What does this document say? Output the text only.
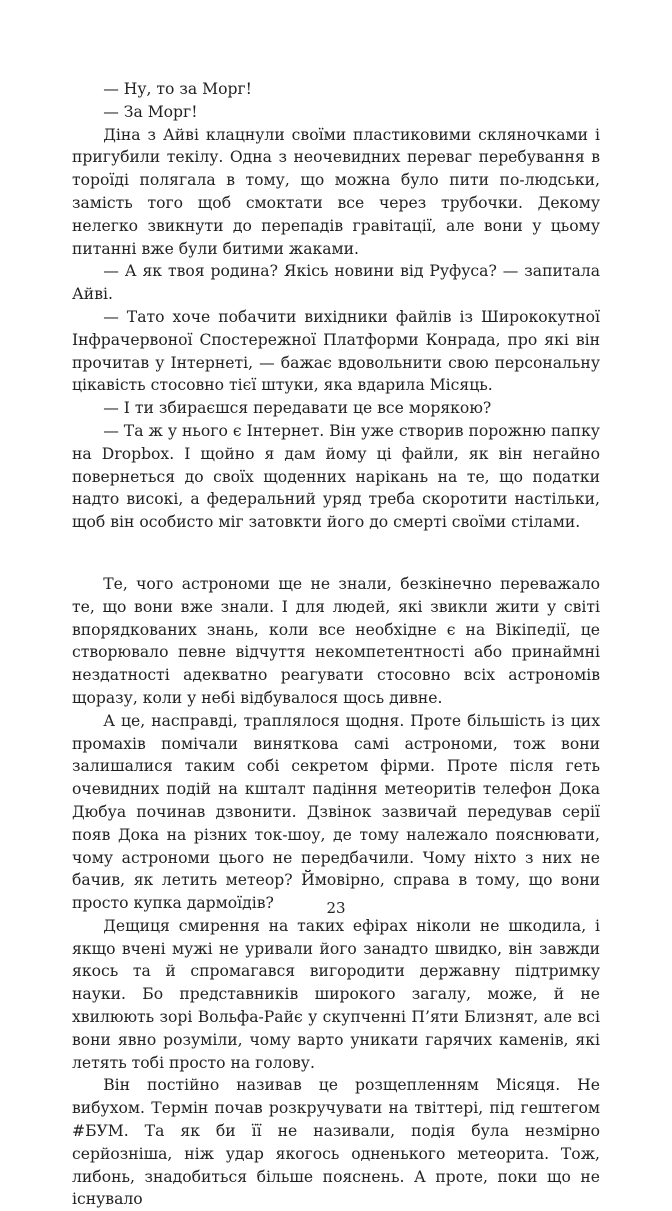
— Ну, то за Морг!

— За Морг!

Діна з Айві клацнули своїми пластиковими скляночками і пригубили текілу. Одна з неочевидних переваг перебування в тороїді полягала в тому, що можна було пити по-людськи, замість того щоб смоктати все через трубочки. Декому нелегко звикнути до перепадів гравітації, але вони у цьому питанні вже були битими жаками.

— А як твоя родина? Якісь новини від Руфуса? — запитала Айві.

— Тато хоче побачити вихідники файлів із Ширококутної Інфрачервоної Спостережної Платформи Конрада, про які він прочитав у Інтернеті, — бажає вдовольнити свою персональну цікавість стосовно тієї штуки, яка вдарила Місяць.

— І ти збираєшся передавати це все морякою?

— Та ж у нього є Інтернет. Він уже створив порожню папку на Dropbox. І щойно я дам йому ці файли, як він негайно повернеться до своїх щоденних нарікань на те, що податки надто високі, а федеральний уряд треба скоротити настільки, щоб він особисто міг затовкти його до смерті своїми стілами.

Те, чого астрономи ще не знали, безкінечно переважало те, що вони вже знали. І для людей, які звикли жити у світі впорядкованих знань, коли все необхідне є на Вікіпедії, це створювало певне відчуття некомпетентності або принаймні нездатності адекватно реагувати стосовно всіх астрономів щоразу, коли у небі відбувалося щось дивне.

А це, насправді, траплялося щодня. Проте більшість із цих промахів помічали виняткова самі астрономи, тож вони залишалися таким собі секретом фірми. Проте після геть очевидних подій на кшталт падіння метеоритів телефон Дока Дюбуа починав дзвонити. Дзвінок зазвичай передував серії появ Дока на різних ток-шоу, де тому належало пояснювати, чому астрономи цього не передбачили. Чому ніхто з них не бачив, як летить метеор? Ймовірно, справа в тому, що вони просто купка дармоїдів?

Дещиця смирення на таких ефірах ніколи не шкодила, і якщо вчені мужі не уривали його занадто швидко, він завжди якось та й спромагався вигородити державну підтримку науки. Бо представників широкого загалу, може, й не хвилюють зорі Вольфа-Райє у скупченні П’яти Близнят, але всі вони явно розуміли, чому варто уникати гарячих каменів, які летять тобі просто на голову.

Він постійно називав це розщепленням Місяця. Не вибухом. Термін почав розкручувати на твіттері, під гештегом #БУМ. Та як би її не називали, подія була незмірно серйозніша, ніж удар якогось одненького метеорита. Тож, либонь, знадобиться більше пояснень. А проте, поки що не існувало

23
